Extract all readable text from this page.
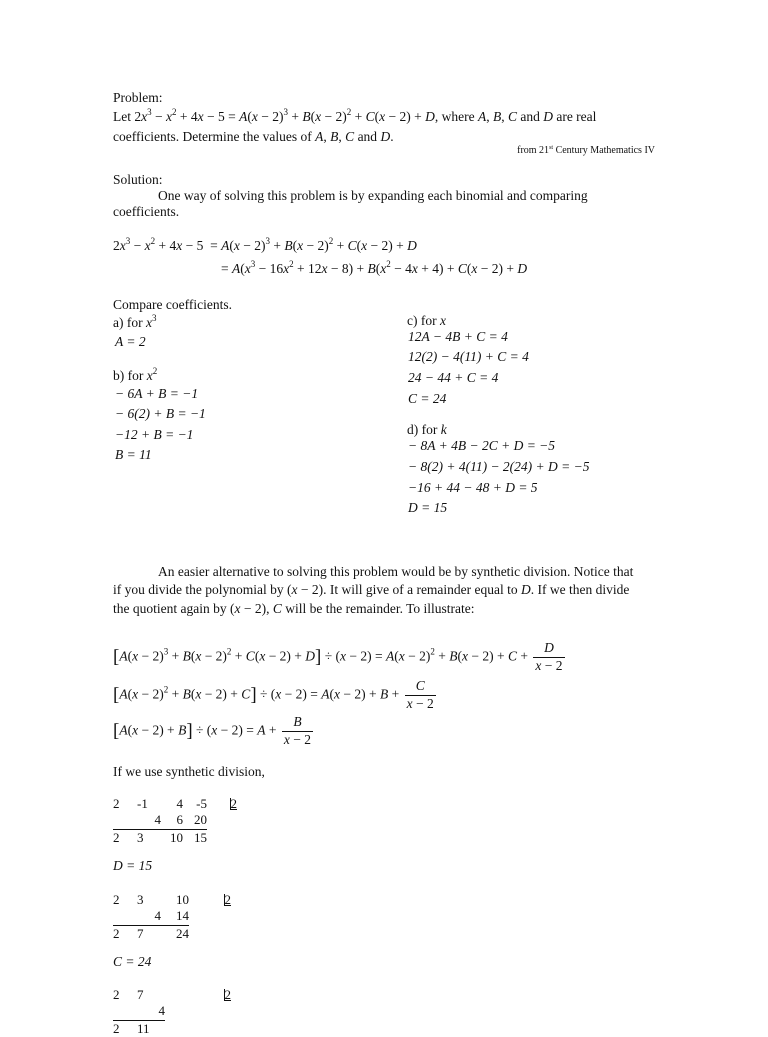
Problem:
Let $2x^3 - x^2 + 4x - 5 = A(x - 2)^3 + B(x - 2)^2 + C(x - 2) + D$, where A, B, C and D are real
coefficients. Determine the values of A, B, C and D.
from 21st Century Mathematics IV
Solution:
One way of solving this problem is by expanding each binomial and comparing
coefficients.
$2x^3 - x^2 + 4x - 5 = A(x - 2)^3 + B(x - 2)^2 + C(x - 2) + D$
= $A(x^3 - 16x^2 + 12x - 8) + B(x^2 - 4x + 4) + C(x - 2) + D$
Compare coefficients.
a) for $x^3$
A = 2
b) for $x^2$
− 6A + B = −1
− 6(2) + B = −1
−12 + B = −1
B = 11
c) for x
12A − 4B + C = 4
12(2) − 4(11) + C = 4
24 − 44 + C = 4
C = 24
d) for k
− 8A + 4B − 2C + D = −5
− 8(2) + 4(11) − 2(24) + D = −5
−16 + 44 − 48 + D = 5
D = 15
An easier alternative to solving this problem would be by synthetic division. Notice that
if you divide the polynomial by (x − 2). It will give of a remainder equal to D. If we then divide
the quotient again by (x − 2), C will be the remainder. To illustrate:
$[A(x - 2)^3 + B(x - 2)^2 + C(x - 2) + D] \div (x - 2) = A(x - 2)^2 + B(x - 2) + C + \frac{D}{x - 2}$
$[A(x - 2)^2 + B(x - 2) + C] \div (x - 2) = A(x - 2) + B + \frac{C}{x - 2}$
$[A(x - 2) + B] \div (x - 2) = A + \frac{B}{x - 2}$
If we use synthetic division,
2	-1	4	-5	2
	4	6	20	
2	3	10	15	
D = 15
2	3	10	2
	4	14	
2	7	24	
C = 24
2	7	2
	4	
2	11	
